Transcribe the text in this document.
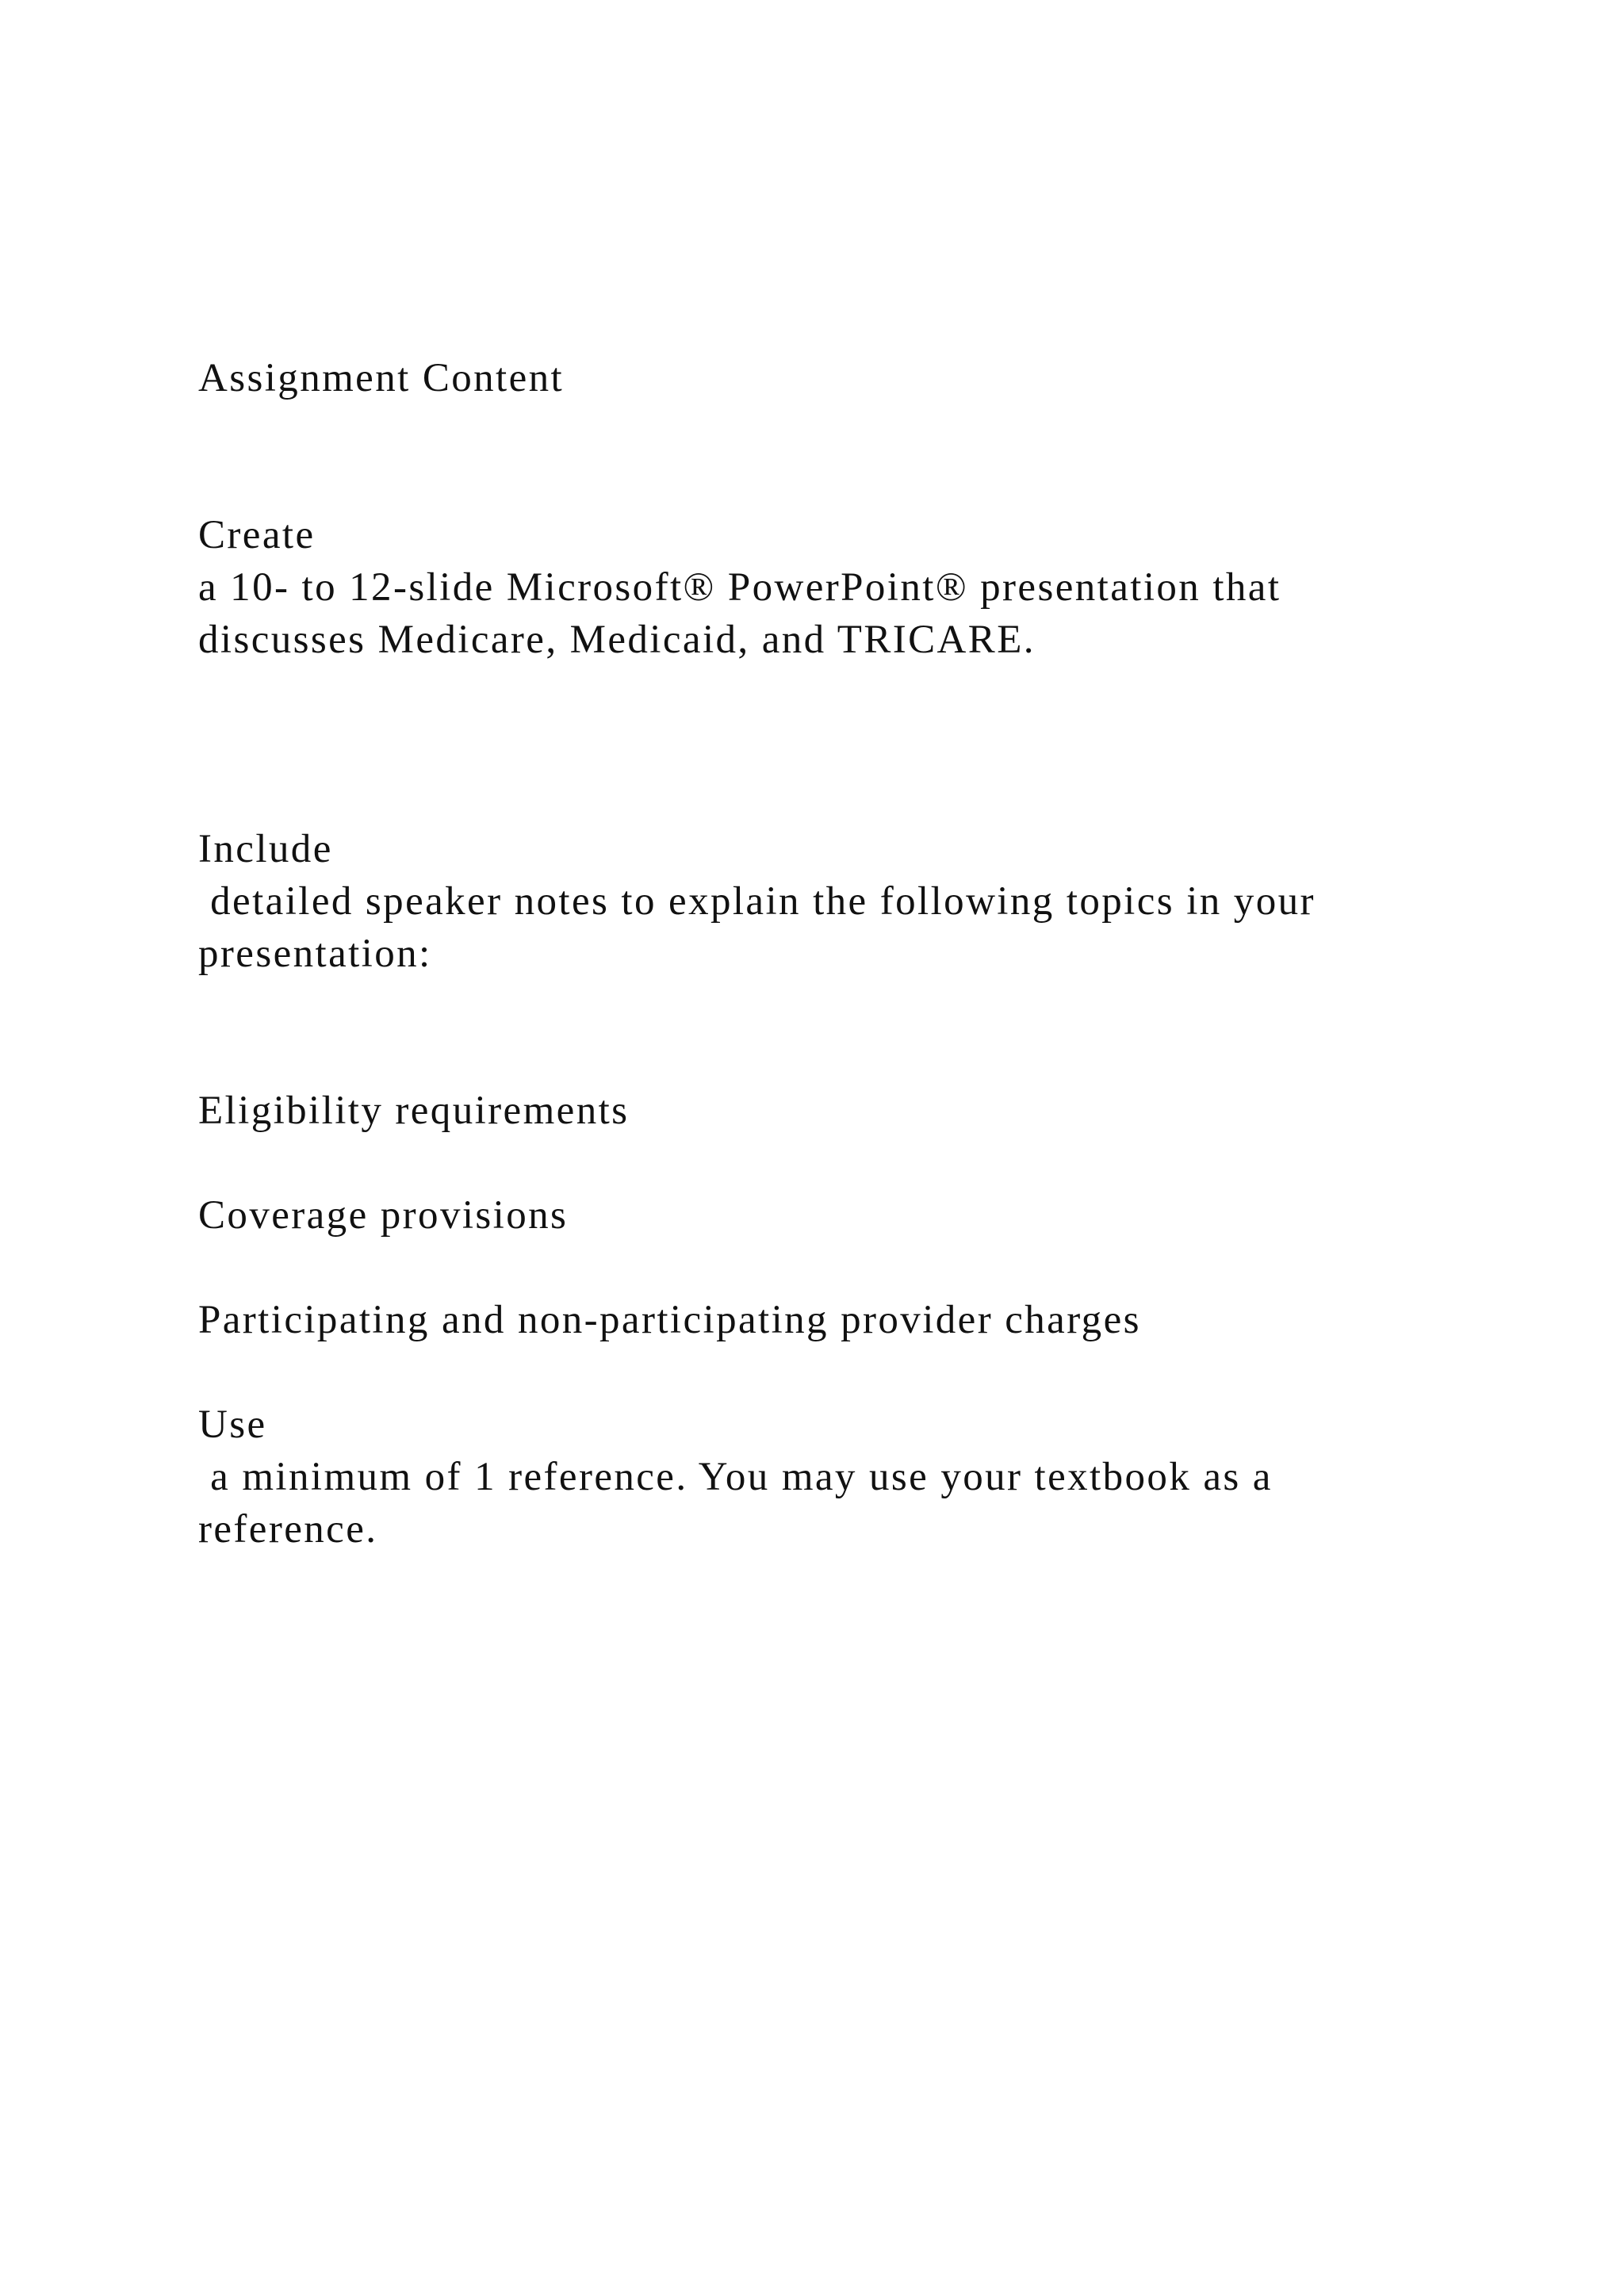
Assignment Content

Create

a 10- to 12-slide Microsoft® PowerPoint® presentation that

discusses Medicare, Medicaid, and TRICARE.

Include

detailed speaker notes to explain the following topics in your

presentation:

Eligibility requirements

Coverage provisions

Participating and non-participating provider charges

Use

a minimum of 1 reference. You may use your textbook as a

reference.
